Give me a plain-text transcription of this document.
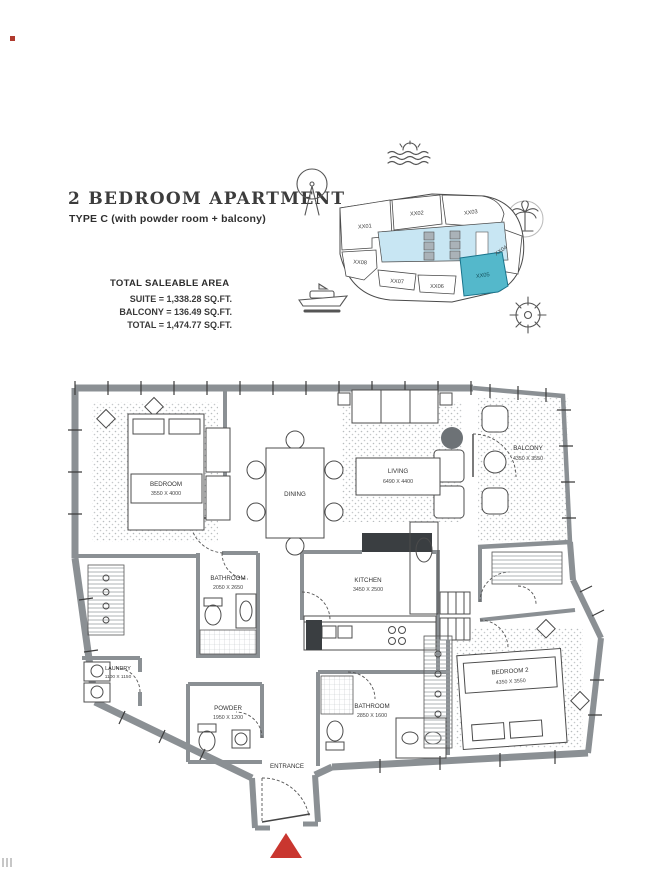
2 BEDROOM APARTMENT
TYPE C (with powder room + balcony)
TOTAL SALEABLE AREA
SUITE = 1,338.28 SQ.FT.
BALCONY = 136.49 SQ.FT.
TOTAL = 1,474.77 SQ.FT.
XX01
XX02	XX03
XX04
XX08
XX07
XX06
XX05
BEDROOM
3550 X 4000	DINING
LIVING
6490 X 4400
BALCONY
4350 X 3550
BATHROOM
2050 X 2650
KITCHEN
3450 X 2500
LAUNDRY
1100 X 1150
POWDER
1950 X 1200
BATHROOM
2850 X 1600
BEDROOM 2
4350 X 3550
ENTRANCE
